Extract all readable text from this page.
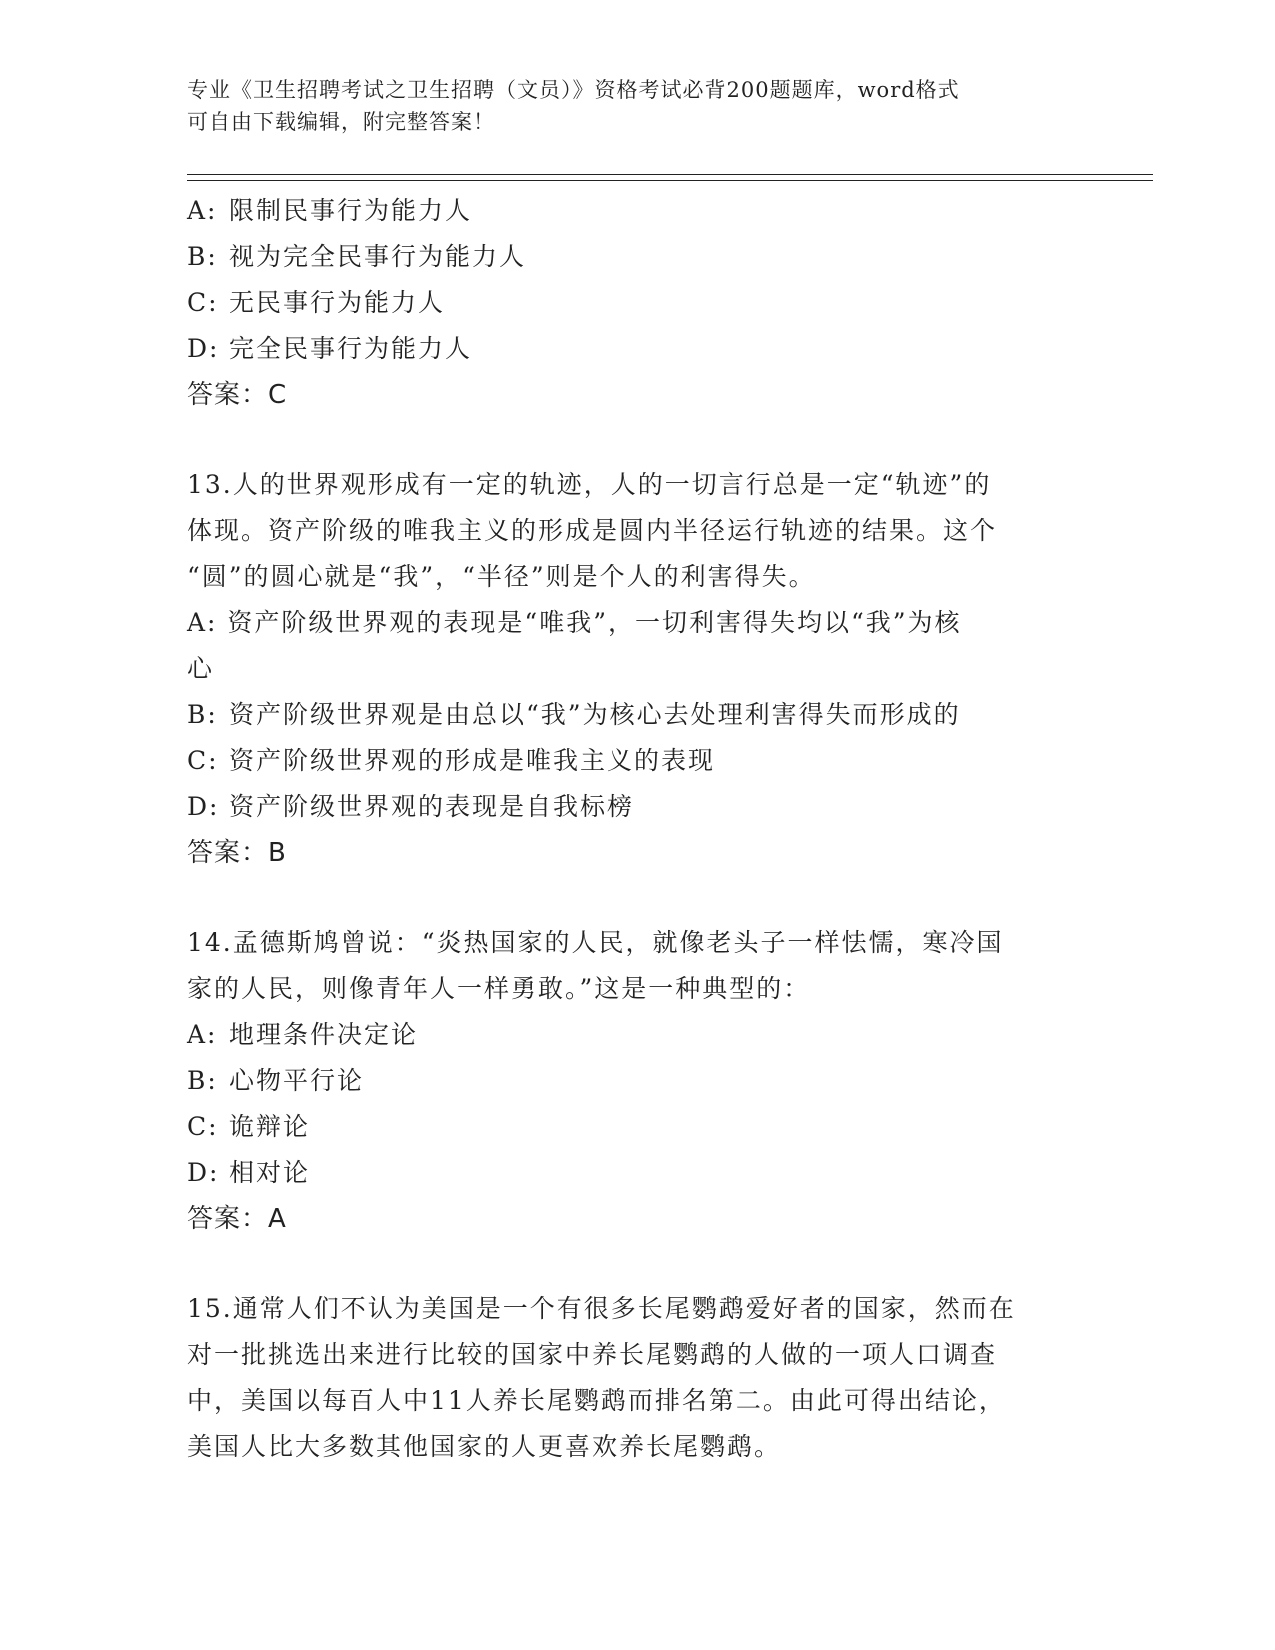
专业《卫生招聘考试之卫生招聘（文员）》资格考试必背200题题库，word格式
可自由下载编辑，附完整答案！
A: 限制民事行为能力人
B: 视为完全民事行为能力人
C: 无民事行为能力人
D: 完全民事行为能力人
答案：C
13.人的世界观形成有一定的轨迹，人的一切言行总是一定“轨迹”的
体现。资产阶级的唯我主义的形成是圆内半径运行轨迹的结果。这个
“圆”的圆心就是“我”，“半径”则是个人的利害得失。
A: 资产阶级世界观的表现是“唯我”，一切利害得失均以“我”为核
心
B: 资产阶级世界观是由总以“我”为核心去处理利害得失而形成的
C: 资产阶级世界观的形成是唯我主义的表现
D: 资产阶级世界观的表现是自我标榜
答案：B
14.孟德斯鸠曾说：“炎热国家的人民，就像老头子一样怯懦，寒冷国
家的人民，则像青年人一样勇敢。”这是一种典型的：
A: 地理条件决定论
B: 心物平行论
C: 诡辩论
D: 相对论
答案：A
15.通常人们不认为美国是一个有很多长尾鹦鹉爱好者的国家，然而在
对一批挑选出来进行比较的国家中养长尾鹦鹉的人做的一项人口调查
中，美国以每百人中11人养长尾鹦鹉而排名第二。由此可得出结论，
美国人比大多数其他国家的人更喜欢养长尾鹦鹉。
